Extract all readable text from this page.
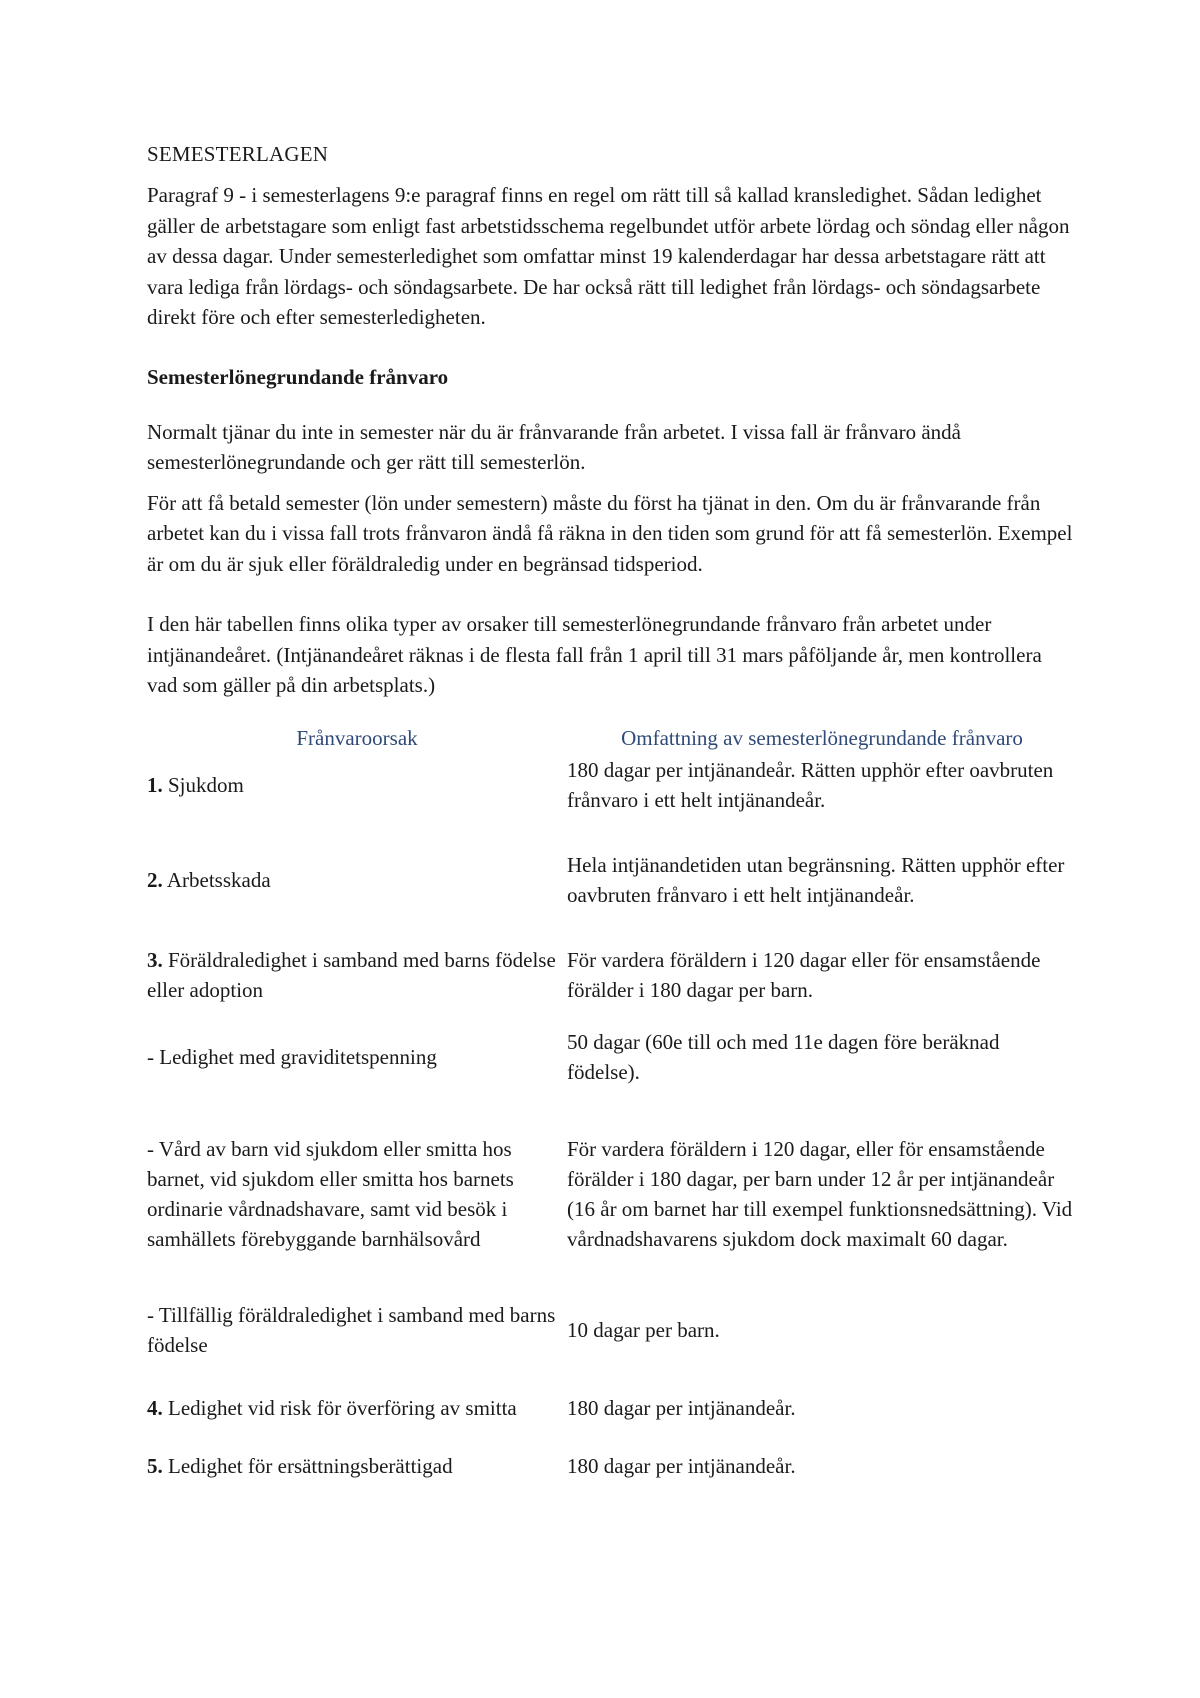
SEMESTERLAGEN

Paragraf 9 - i semesterlagens 9:e paragraf finns en regel om rätt till så kallad kransledighet. Sådan ledighet gäller de arbetstagare som enligt fast arbetstidsschema regelbundet utför arbete lördag och söndag eller någon av dessa dagar. Under semesterledighet som omfattar minst 19 kalenderdagar har dessa arbetstagare rätt att vara lediga från lördags- och söndagsarbete. De har också rätt till ledighet från lördags- och söndagsarbete direkt före och efter semesterledigheten.

Semesterlönegrundande frånvaro

Normalt tjänar du inte in semester när du är frånvarande från arbetet. I vissa fall är frånvaro ändå semesterlönegrundande och ger rätt till semesterlön.

För att få betald semester (lön under semestern) måste du först ha tjänat in den. Om du är frånvarande från arbetet kan du i vissa fall trots frånvaron ändå få räkna in den tiden som grund för att få semesterlön. Exempel är om du är sjuk eller föräldraledig under en begränsad tidsperiod.

I den här tabellen finns olika typer av orsaker till semesterlönegrundande frånvaro från arbetet under intjänandeåret. (Intjänandeåret räknas i de flesta fall från 1 april till 31 mars påföljande år, men kontrollera vad som gäller på din arbetsplats.)

Frånvaroorsak	Omfattning av semesterlönegrundande frånvaro
1. Sjukdom	180 dagar per intjänandeår. Rätten upphör efter oavbruten frånvaro i ett helt intjänandeår.
2. Arbetsskada	Hela intjänandetiden utan begränsning. Rätten upphör efter oavbruten frånvaro i ett helt intjänandeår.
3. Föräldraledighet i samband med barns födelse eller adoption	För vardera föräldern i 120 dagar eller för ensamstående förälder i 180 dagar per barn.
- Ledighet med graviditetspenning	50 dagar (60e till och med 11e dagen före beräknad födelse).
- Vård av barn vid sjukdom eller smitta hos barnet, vid sjukdom eller smitta hos barnets ordinarie vårdnadshavare, samt vid besök i samhällets förebyggande barnhälsovård	För vardera föräldern i 120 dagar, eller för ensamstående förälder i 180 dagar, per barn under 12 år per intjänandeår (16 år om barnet har till exempel funktionsnedsättning). Vid vårdnadshavarens sjukdom dock maximalt 60 dagar.
- Tillfällig föräldraledighet i samband med barns födelse	10 dagar per barn.
4. Ledighet vid risk för överföring av smitta	180 dagar per intjänandeår.
5. Ledighet för ersättningsberättigad	180 dagar per intjänandeår.
